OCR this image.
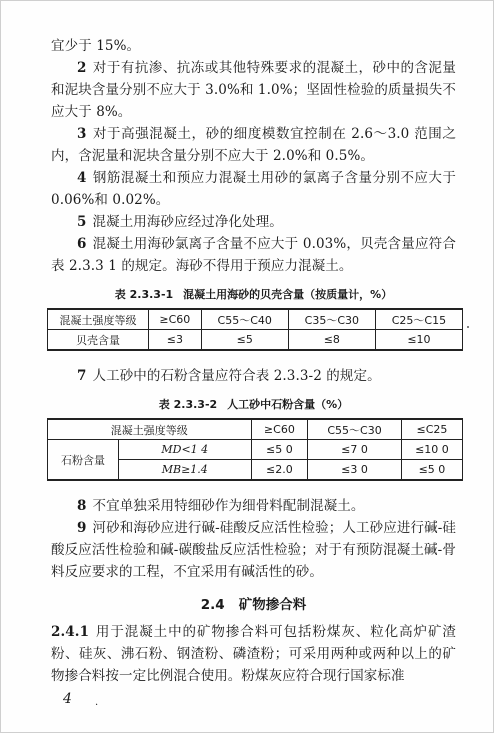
宜少于 15%。

2 对于有抗渗、抗冻或其他特殊要求的混凝土，砂中的含泥量和泥块含量分别不应大于 3.0%和 1.0%；坚固性检验的质量损失不应大于 8%。

3 对于高强混凝土，砂的细度模数宜控制在 2.6～3.0 范围之内，含泥量和泥块含量分别不应大于 2.0%和 0.5%。

4 钢筋混凝土和预应力混凝土用砂的氯离子含量分别不应大于 0.06%和 0.02%。

5 混凝土用海砂应经过净化处理。

6 混凝土用海砂氯离子含量不应大于 0.03%，贝壳含量应符合表 2.3.3 1 的规定。海砂不得用于预应力混凝土。

表 2.3.3-1 混凝土用海砂的贝壳含量（按质量计，%）
混凝土强度等级	≥C60	C55～C40	C35～C30	C25～C15
贝壳含量	≤3	≤5	≤8	≤10

7 人工砂中的石粉含量应符合表 2.3.3-2 的规定。

表 2.3.3-2 人工砂中石粉含量（%）
混凝土强度等级		≥C60	C55～C30	≤C25
石粉含量	MD<1 4	≤5 0	≤7 0	≤10 0
	MB≥1.4	≤2.0	≤3 0	≤5 0

8 不宜单独采用特细砂作为细骨料配制混凝土。

9 河砂和海砂应进行碱-硅酸反应活性检验；人工砂应进行碱-硅酸反应活性检验和碱-碳酸盐反应活性检验；对于有预防混凝土碱-骨料反应要求的工程，不宜采用有碱活性的砂。

2.4 矿物掺合料

2.4.1 用于混凝土中的矿物掺合料可包括粉煤灰、粒化高炉矿渣粉、硅灰、沸石粉、钢渣粉、磷渣粉；可采用两种或两种以上的矿物掺合料按一定比例混合使用。粉煤灰应符合现行国家标准

4 .
